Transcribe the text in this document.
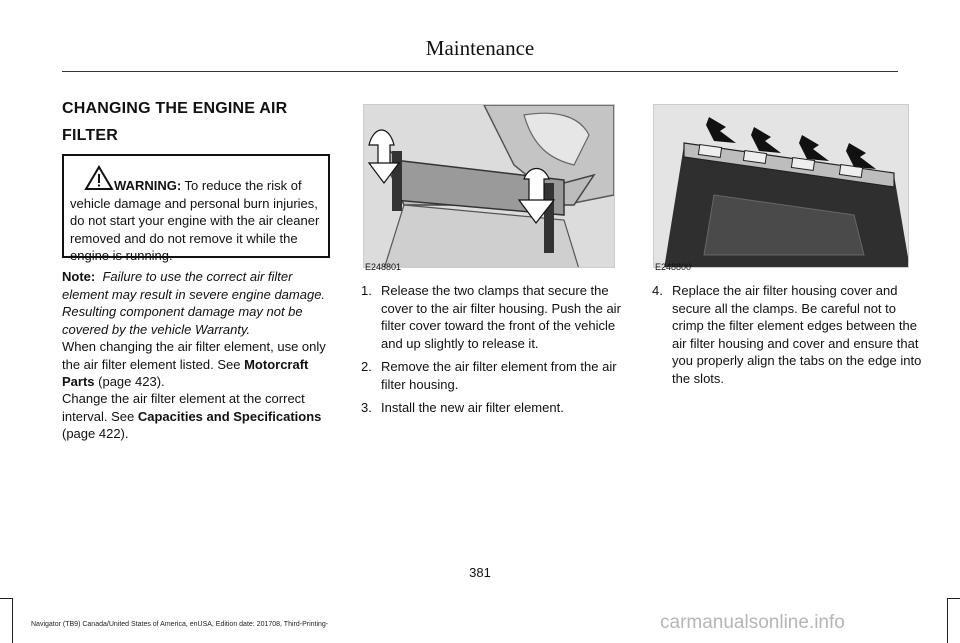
Maintenance
CHANGING THE ENGINE AIR FILTER
WARNING: To reduce the risk of
vehicle damage and personal burn injuries, do not start your engine with the air cleaner removed and do not remove it while the engine is running.
Note: Failure to use the correct air filter element may result in severe engine damage. Resulting component damage may not be covered by the vehicle Warranty.
When changing the air filter element, use only the air filter element listed. See Motorcraft Parts (page 423).
Change the air filter element at the correct interval. See Capacities and Specifications (page 422).
E248801	E248800
1. Release the two clamps that secure the cover to the air filter housing. Push the air filter cover toward the front of the vehicle and up slightly to release it.
2. Remove the air filter element from the air filter housing.
3. Install the new air filter element.
4. Replace the air filter housing cover and secure all the clamps. Be careful not to crimp the filter element edges between the air filter housing and cover and ensure that you properly align the tabs on the edge into the slots.
381
Navigator (TB9) Canada/United States of America, enUSA, Edition date: 201708, Third-Printing-	carmanualsonline.info
